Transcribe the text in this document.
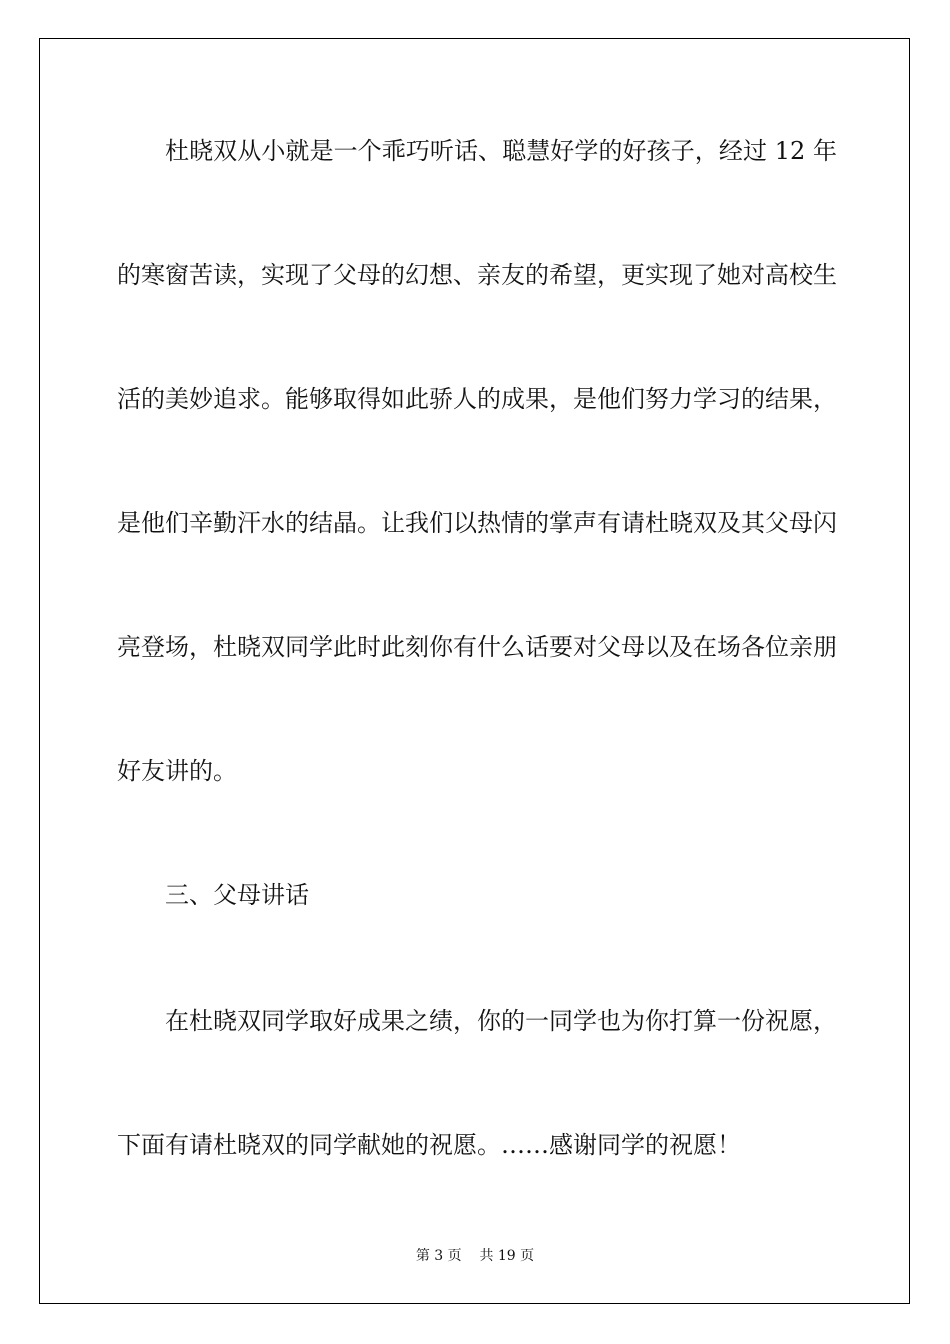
杜晓双从小就是一个乖巧听话、聪慧好学的好孩子，经过 12 年
的寒窗苦读，实现了父母的幻想、亲友的希望，更实现了她对高校生
活的美妙追求。能够取得如此骄人的成果，是他们努力学习的结果，
是他们辛勤汗水的结晶。让我们以热情的掌声有请杜晓双及其父母闪
亮登场，杜晓双同学此时此刻你有什么话要对父母以及在场各位亲朋
好友讲的。
三、父母讲话
在杜晓双同学取好成果之绩，你的一同学也为你打算一份祝愿，
下面有请杜晓双的同学献她的祝愿。……感谢同学的祝愿！
第 3 页 共 19 页
